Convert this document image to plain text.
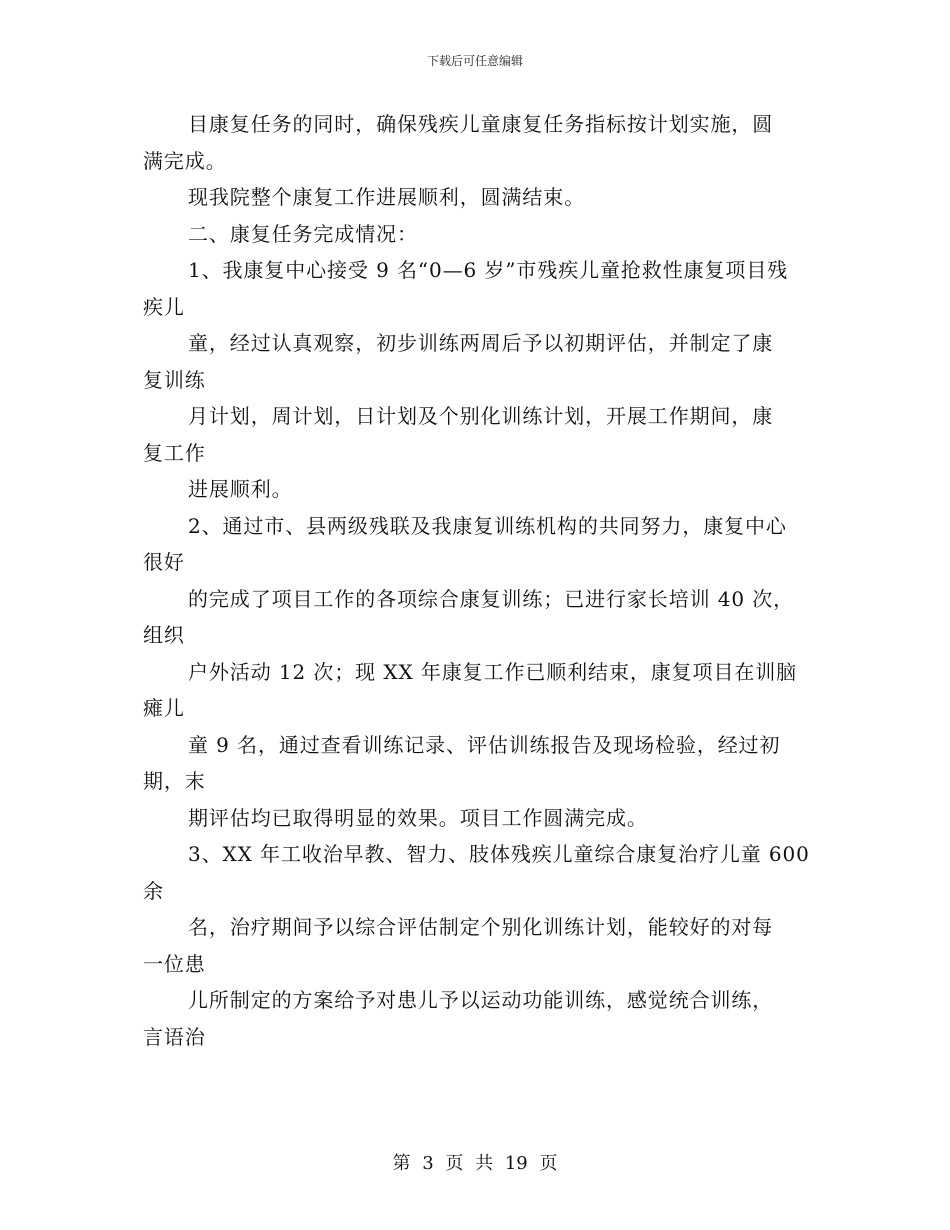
下载后可任意编辑
目康复任务的同时，确保残疾儿童康复任务指标按计划实施，圆
满完成。
现我院整个康复工作进展顺利，圆满结束。
二、康复任务完成情况：
1、我康复中心接受 9 名“0—6 岁”市残疾儿童抢救性康复项目残
疾儿
童，经过认真观察，初步训练两周后予以初期评估，并制定了康
复训练
月计划，周计划，日计划及个别化训练计划，开展工作期间，康
复工作
进展顺利。
2、通过市、县两级残联及我康复训练机构的共同努力，康复中心
很好
的完成了项目工作的各项综合康复训练；已进行家长培训 40 次，
组织
户外活动 12 次；现 XX 年康复工作已顺利结束，康复项目在训脑
瘫儿
童 9 名，通过查看训练记录、评估训练报告及现场检验，经过初
期，末
期评估均已取得明显的效果。项目工作圆满完成。
3、XX 年工收治早教、智力、肢体残疾儿童综合康复治疗儿童 600
余
名，治疗期间予以综合评估制定个别化训练计划，能较好的对每
一位患
儿所制定的方案给予对患儿予以运动功能训练，感觉统合训练，
言语治
第 3 页 共 19 页
